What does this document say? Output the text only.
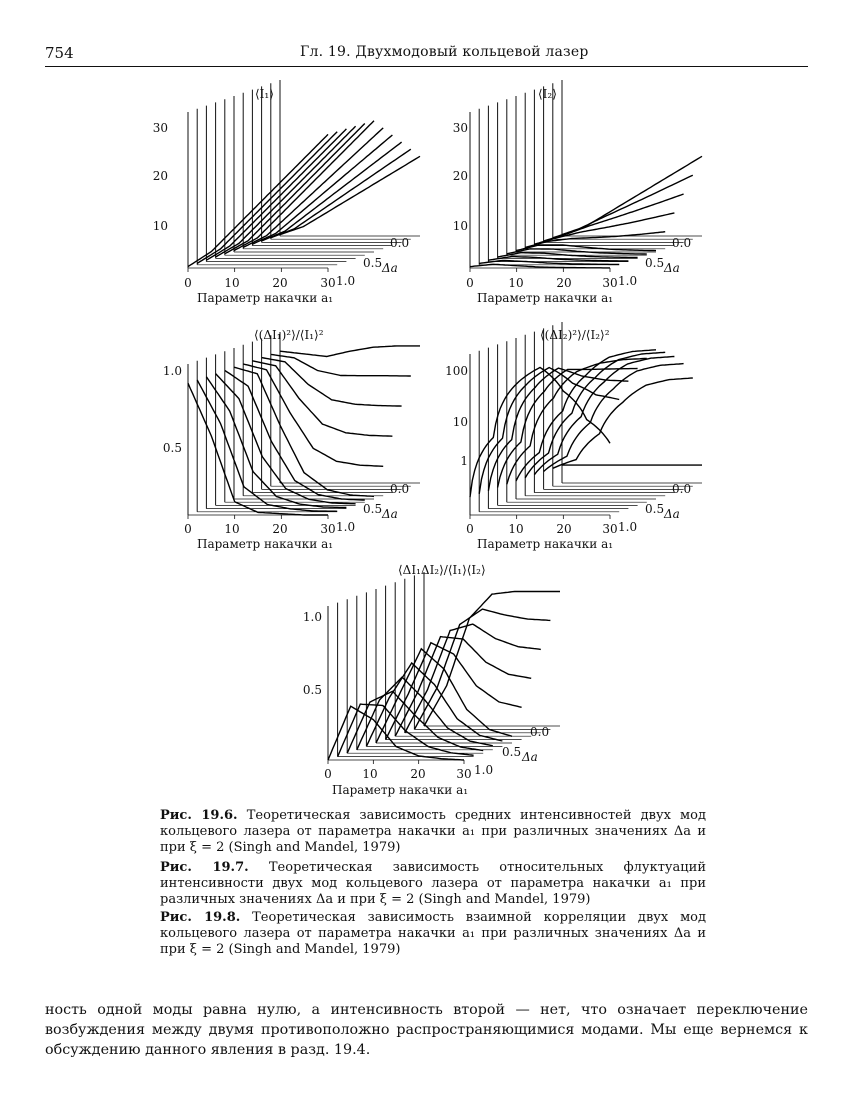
754	Гл. 19. Двухмодовый кольцевой лазер
⟨I₁⟩
30
20
10
0	10	20	30
0.0
0.5
1.0
Δa
Параметр накачки a₁
⟨I₂⟩
30
20
10
0	10	20	30
0.0
0.5
1.0
Δa
Параметр накачки a₁
⟨(ΔI₁)²⟩/⟨I₁⟩²
1.0
0.5
0	10	20	30
0.0
0.5
1.0
Δa
Параметр накачки a₁
⟨(ΔI₂)²⟩/⟨I₂⟩²
100
10
1
0	10	20	30
0.0
0.5
1.0
Δa
Параметр накачки a₁
⟨ΔI₁ΔI₂⟩/⟨I₁⟩⟨I₂⟩
1.0
0.5
0	10	20	30
0.0
0.5
1.0
Δa
Параметр накачки a₁
Рис. 19.6. Теоретическая зависимость средних интенсивностей двух мод кольцевого лазера от параметра накачки a₁ при различных значениях Δa и при ξ = 2 (Singh and Mandel, 1979)
Рис. 19.7. Теоретическая зависимость относительных флуктуаций интенсивности двух мод кольцевого лазера от параметра накачки a₁ при различных значениях Δa и при ξ = 2 (Singh and Mandel, 1979)
Рис. 19.8. Теоретическая зависимость взаимной корреляции двух мод кольцевого лазера от параметра накачки a₁ при различных значениях Δa и при ξ = 2 (Singh and Mandel, 1979)
ность одной моды равна нулю, а интенсивность второй — нет, что означает переключение возбуждения между двумя противоположно распространяющимися модами. Мы еще вернемся к обсуждению данного явления в разд. 19.4.
